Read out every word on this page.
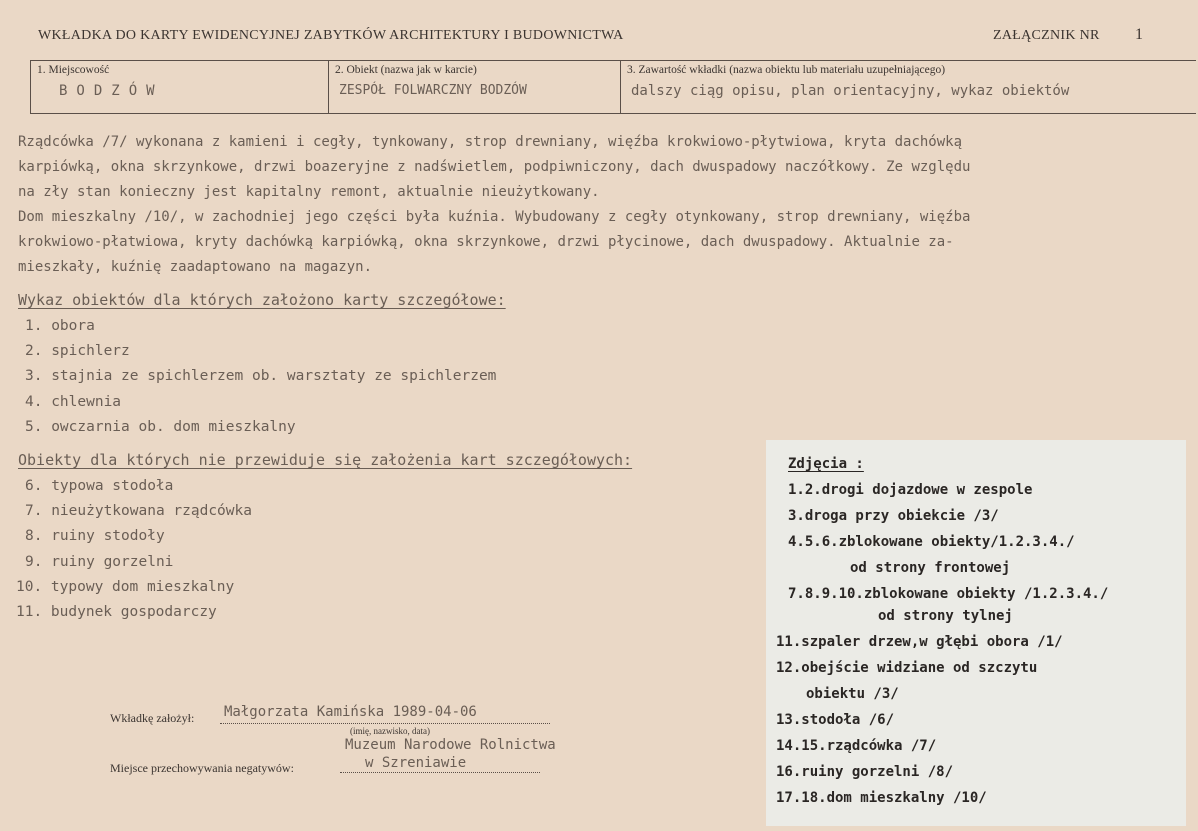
WKŁADKA DO KARTY EWIDENCYJNEJ ZABYTKÓW ARCHITEKTURY I BUDOWNICTWA	ZAŁĄCZNIK NR 1
1. Miejscowość
BODZÓW
2. Obiekt (nazwa jak w karcie)
ZESPÓŁ FOLWARCZNY BODZÓW
3. Zawartość wkładki (nazwa obiektu lub materiału uzupełniającego)
dalszy ciąg opisu, plan orientacyjny, wykaz obiektów
Rządcówka /7/ wykonana z kamieni i cegły, tynkowany, strop drewniany, więźba krokwiowo-płytwiowa, kryta dachówką
karpiówką, okna skrzynkowe, drzwi boazeryjne z nadświetlem, podpiwniczony, dach dwuspadowy naczółkowy. Ze względu
na zły stan konieczny jest kapitalny remont, aktualnie nieużytkowany.
Dom mieszkalny /10/, w zachodniej jego części była kuźnia. Wybudowany z cegły otynkowany, strop drewniany, więźba
krokwiowo-płatwiowa, kryty dachówką karpiówką, okna skrzynkowe, drzwi płycinowe, dach dwuspadowy. Aktualnie za-
mieszkały, kuźnię zaadaptowano na magazyn.
Wykaz obiektów dla których założono karty szczegółowe:
1. obora
2. spichlerz
3. stajnia ze spichlerzem ob. warsztaty ze spichlerzem
4. chlewnia
5. owczarnia ob. dom mieszkalny
Obiekty dla których nie przewiduje się założenia kart szczegółowych:
6. typowa stodoła
7. nieużytkowana rządcówka
8. ruiny stodoły
9. ruiny gorzelni
10. typowy dom mieszkalny
11. budynek gospodarczy
Zdjęcia :
1.2.drogi dojazdowe w zespole
3.droga przy obiekcie /3/
4.5.6.zblokowane obiekty/1.2.3.4./
od strony frontowej
7.8.9.10.zblokowane obiekty /1.2.3.4./
od strony tylnej
11.szpaler drzew,w głębi obora /1/
12.obejście widziane od szczytu
obiektu /3/
13.stodoła /6/
14.15.rządcówka /7/
16.ruiny gorzelni /8/
17.18.dom mieszkalny /10/
Wkładkę założył: Małgorzata Kamińska 1989-04-06
(imię, nazwisko, data)
Muzeum Narodowe Rolnictwa
Miejsce przechowywania negatywów:	w Szreniawie
